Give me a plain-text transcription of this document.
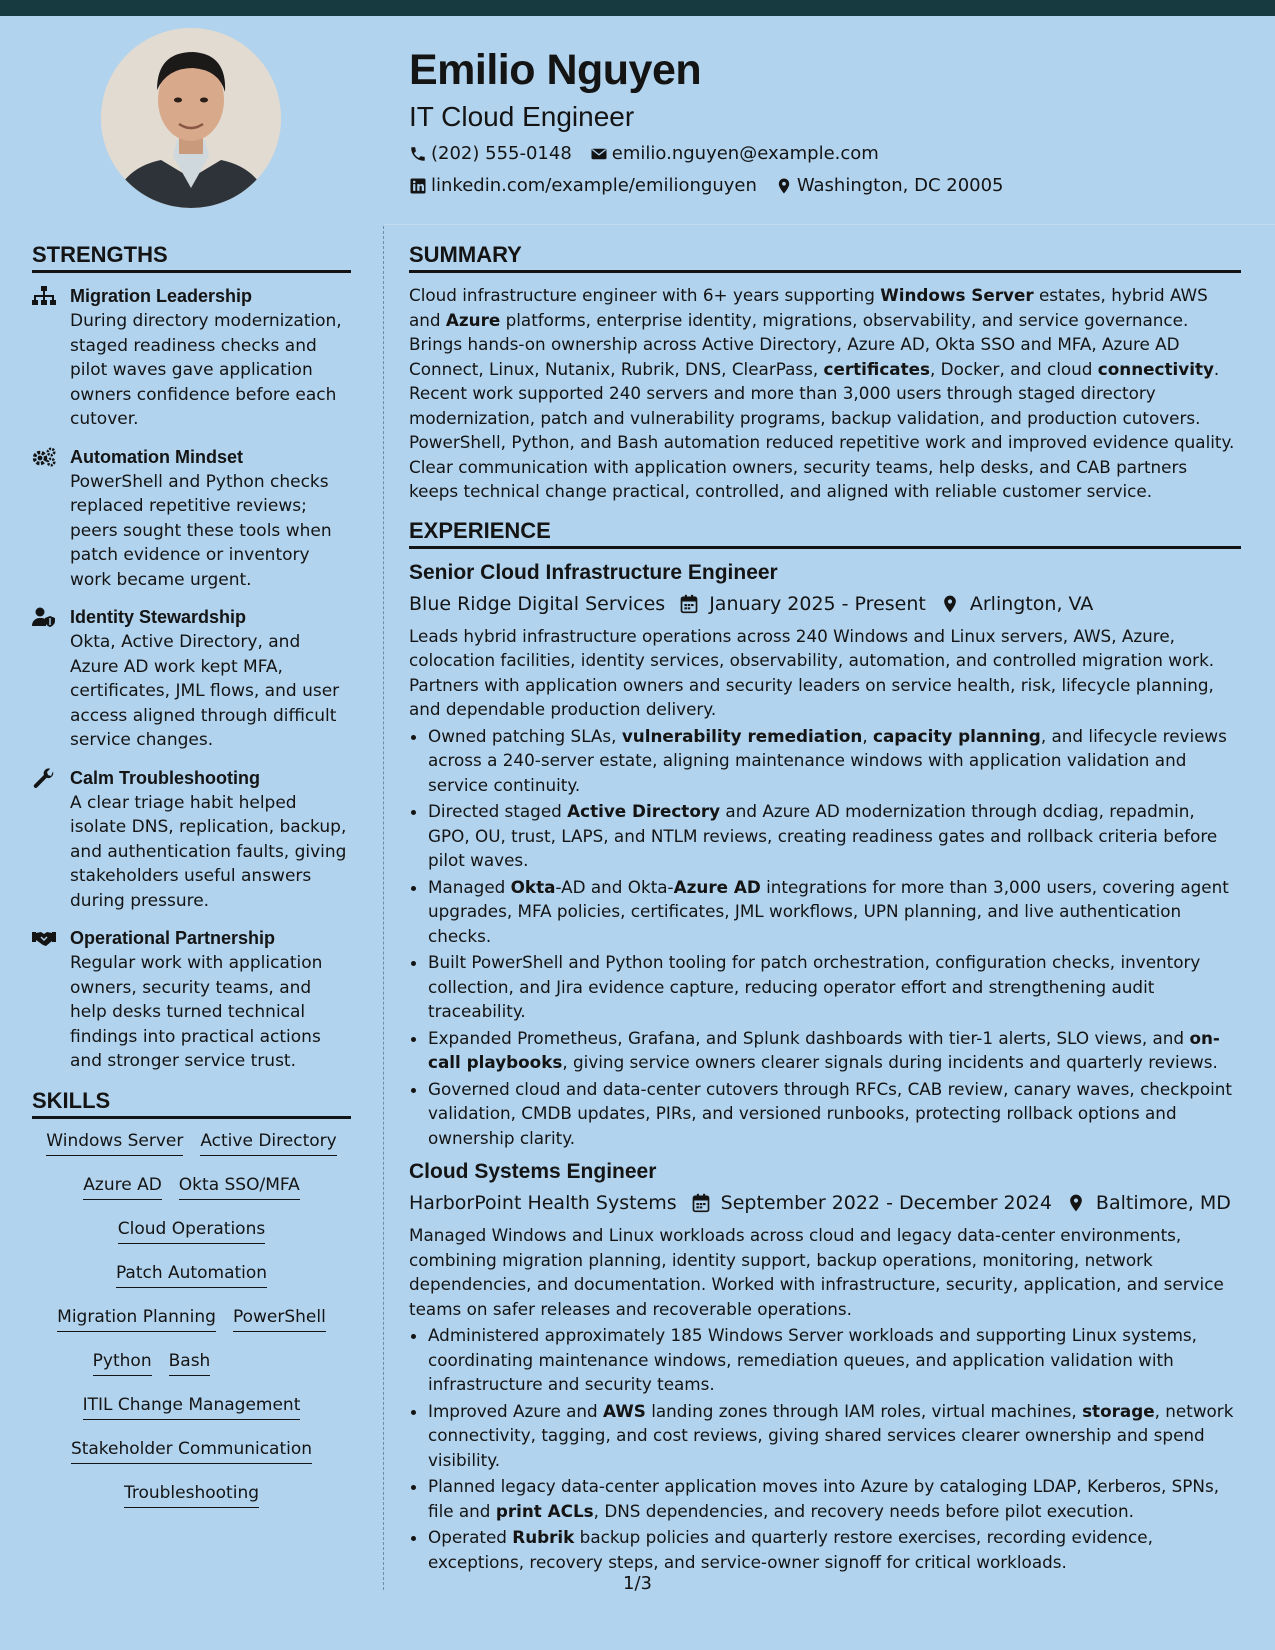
Emilio Nguyen
IT Cloud Engineer
(202) 555-0148 emilio.nguyen@example.com
linkedin.com/example/emilionguyen Washington, DC 20005
STRENGTHS
Migration Leadership
During directory modernization, staged readiness checks and pilot waves gave application owners confidence before each cutover.
Automation Mindset
PowerShell and Python checks replaced repetitive reviews; peers sought these tools when patch evidence or inventory work became urgent.
Identity Stewardship
Okta, Active Directory, and Azure AD work kept MFA, certificates, JML flows, and user access aligned through difficult service changes.
Calm Troubleshooting
A clear triage habit helped isolate DNS, replication, backup, and authentication faults, giving stakeholders useful answers during pressure.
Operational Partnership
Regular work with application owners, security teams, and help desks turned technical findings into practical actions and stronger service trust.
SKILLS
Windows Server Active Directory
Azure AD Okta SSO/MFA
Cloud Operations
Patch Automation
Migration Planning PowerShell
Python Bash
ITIL Change Management
Stakeholder Communication
Troubleshooting
SUMMARY

Cloud infrastructure engineer with 6+ years supporting Windows Server estates, hybrid AWS and Azure platforms, enterprise identity, migrations, observability, and service governance. Brings hands-on ownership across Active Directory, Azure AD, Okta SSO and MFA, Azure AD Connect, Linux, Nutanix, Rubrik, DNS, ClearPass, certificates, Docker, and cloud connectivity. Recent work supported 240 servers and more than 3,000 users through staged directory modernization, patch and vulnerability programs, backup validation, and production cutovers. PowerShell, Python, and Bash automation reduced repetitive work and improved evidence quality. Clear communication with application owners, security teams, help desks, and CAB partners keeps technical change practical, controlled, and aligned with reliable customer service.

EXPERIENCE
Senior Cloud Infrastructure Engineer
Blue Ridge Digital Services January 2025 - Present Arlington, VA
Leads hybrid infrastructure operations across 240 Windows and Linux servers, AWS, Azure, colocation facilities, identity services, observability, automation, and controlled migration work. Partners with application owners and security leaders on service health, risk, lifecycle planning, and dependable production delivery.
• Owned patching SLAs, vulnerability remediation, capacity planning, and lifecycle reviews across a 240-server estate, aligning maintenance windows with application validation and service continuity.
• Directed staged Active Directory and Azure AD modernization through dcdiag, repadmin, GPO, OU, trust, LAPS, and NTLM reviews, creating readiness gates and rollback criteria before pilot waves.
• Managed Okta-AD and Okta-Azure AD integrations for more than 3,000 users, covering agent upgrades, MFA policies, certificates, JML workflows, UPN planning, and live authentication checks.
• Built PowerShell and Python tooling for patch orchestration, configuration checks, inventory collection, and Jira evidence capture, reducing operator effort and strengthening audit traceability.
• Expanded Prometheus, Grafana, and Splunk dashboards with tier-1 alerts, SLO views, and on-call playbooks, giving service owners clearer signals during incidents and quarterly reviews.
• Governed cloud and data-center cutovers through RFCs, CAB review, canary waves, checkpoint validation, CMDB updates, PIRs, and versioned runbooks, protecting rollback options and ownership clarity.
Cloud Systems Engineer
HarborPoint Health Systems September 2022 - December 2024 Baltimore, MD
Managed Windows and Linux workloads across cloud and legacy data-center environments, combining migration planning, identity support, backup operations, monitoring, network dependencies, and documentation. Worked with infrastructure, security, application, and service teams on safer releases and recoverable operations.
• Administered approximately 185 Windows Server workloads and supporting Linux systems, coordinating maintenance windows, remediation queues, and application validation with infrastructure and security teams.
• Improved Azure and AWS landing zones through IAM roles, virtual machines, storage, network connectivity, tagging, and cost reviews, giving shared services clearer ownership and spend visibility.
• Planned legacy data-center application moves into Azure by cataloging LDAP, Kerberos, SPNs, file and print ACLs, DNS dependencies, and recovery needs before pilot execution.
• Operated Rubrik backup policies and quarterly restore exercises, recording evidence, exceptions, recovery steps, and service-owner signoff for critical workloads.
1/3
